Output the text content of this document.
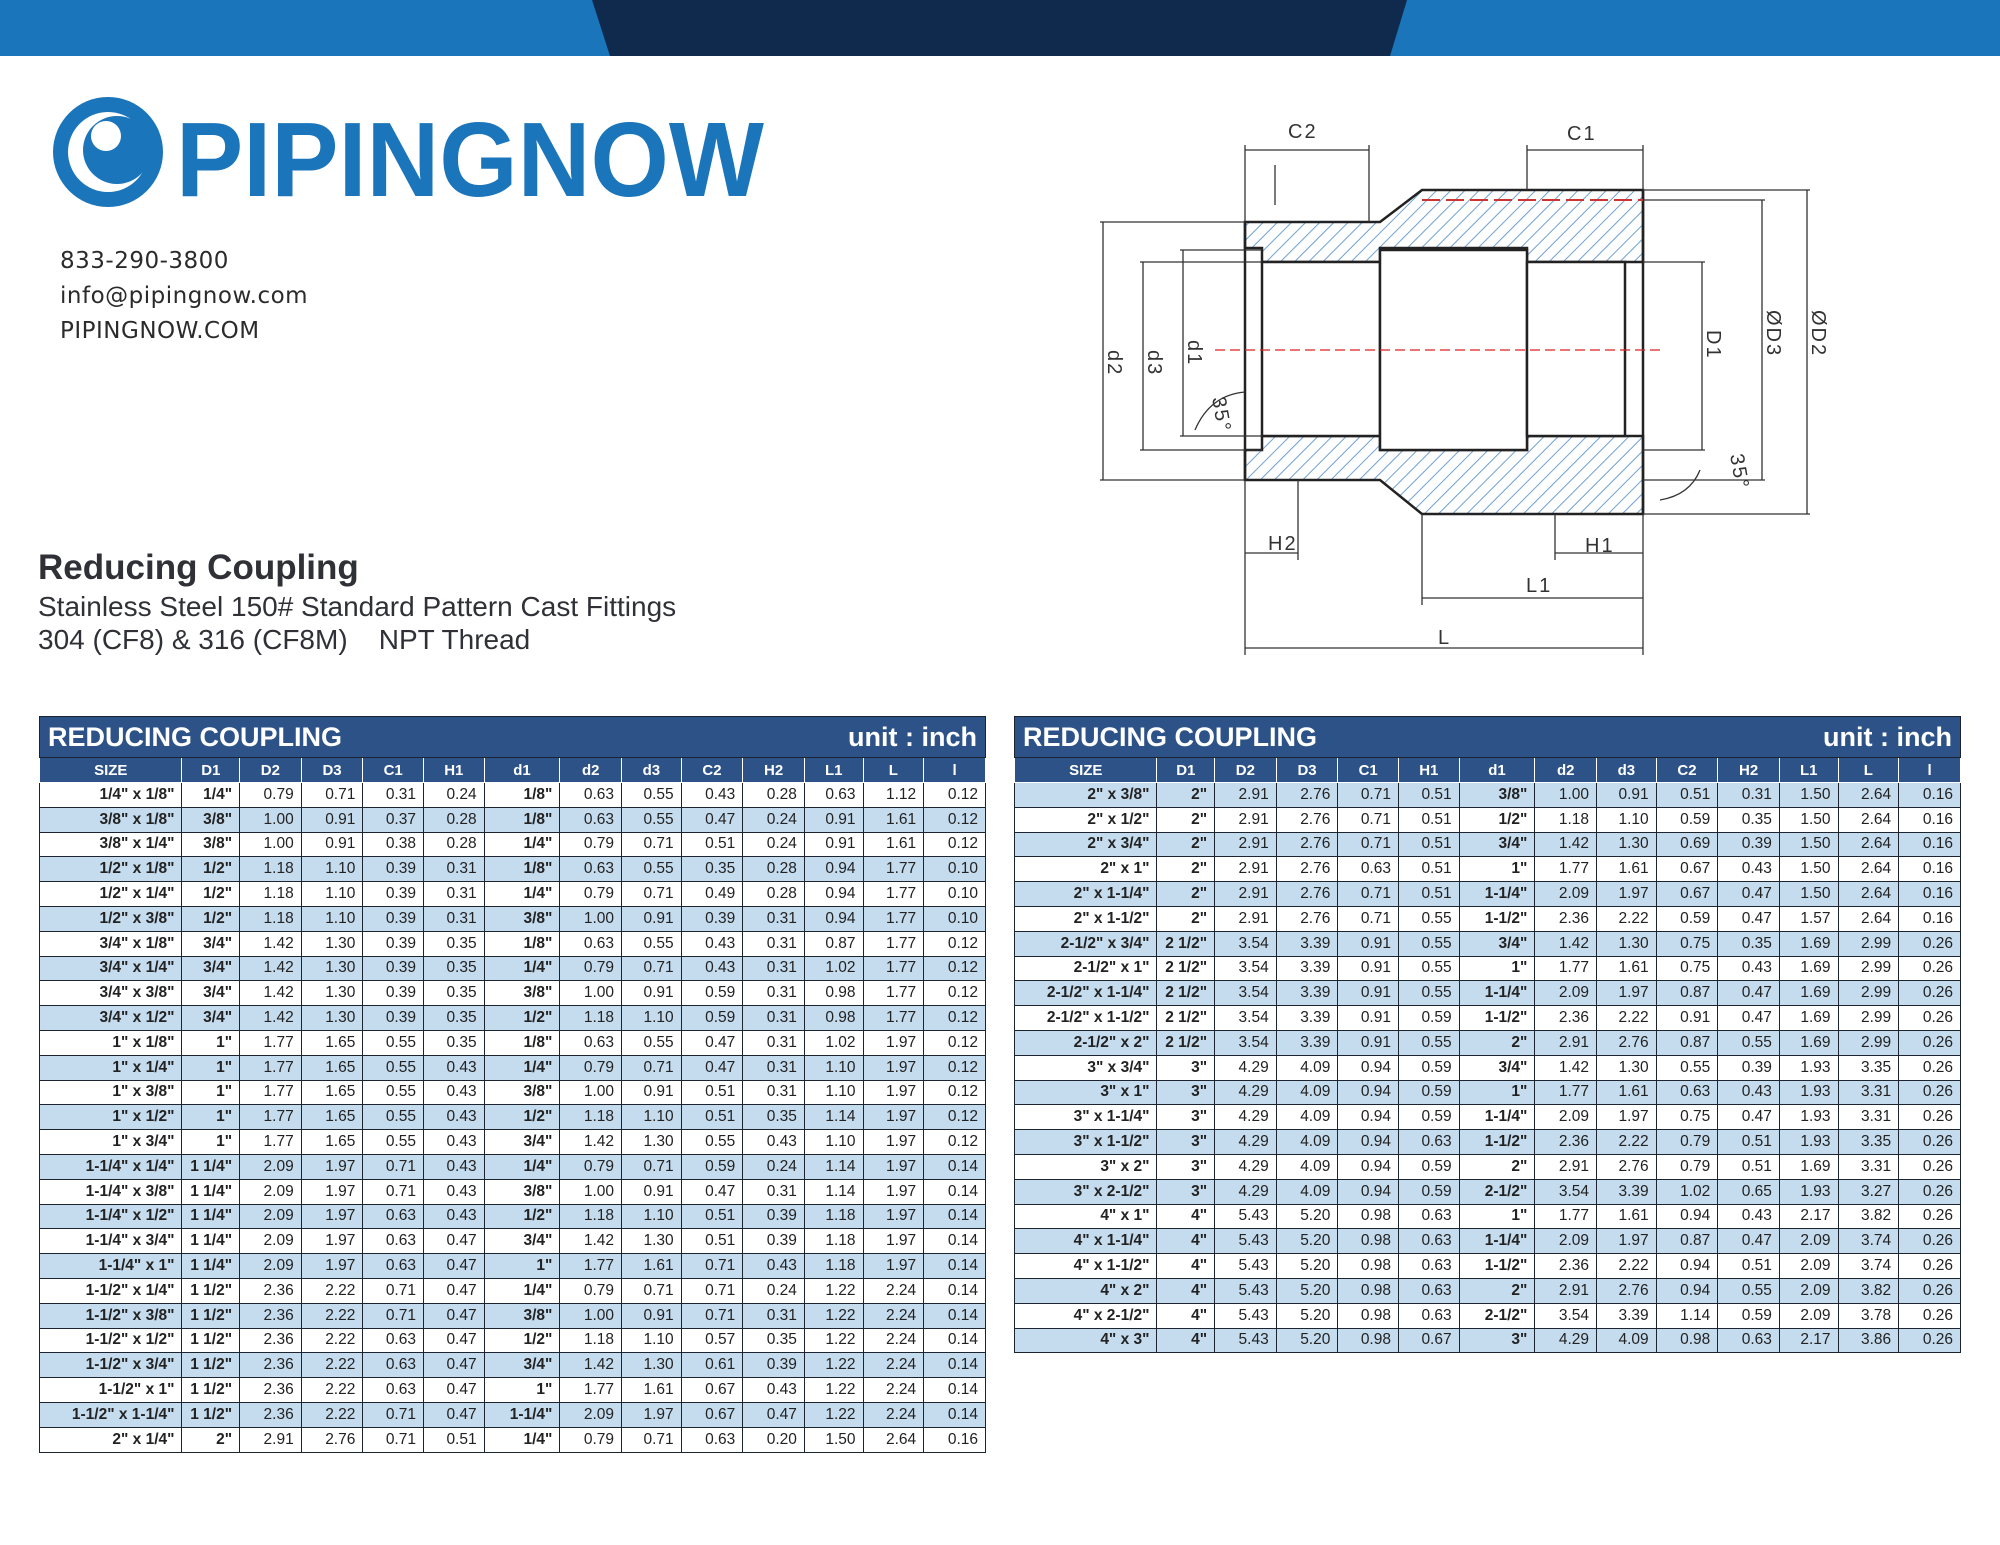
PIPINGNOW
833-290-3800
info@pipingnow.com
PIPINGNOW.COM
Reducing Coupling
Stainless Steel 150# Standard Pattern Cast Fittings
304 (CF8) & 316 (CF8M)    NPT Thread
C2	C1
H2	H1
L1
L
d2 d3 d1	D1 ØD3 ØD2
35°
35°
REDUCING COUPLING unit : inch													

SIZE	D1	D2	D3	C1	H1	d1	d2	d3	C2	H2	L1	L	l
1/4" x 1/8"	1/4"	0.79	0.71	0.31	0.24	1/8"	0.63	0.55	0.43	0.28	0.63	1.12	0.12
3/8" x 1/8"	3/8"	1.00	0.91	0.37	0.28	1/8"	0.63	0.55	0.47	0.24	0.91	1.61	0.12
3/8" x 1/4"	3/8"	1.00	0.91	0.38	0.28	1/4"	0.79	0.71	0.51	0.24	0.91	1.61	0.12
1/2" x 1/8"	1/2"	1.18	1.10	0.39	0.31	1/8"	0.63	0.55	0.35	0.28	0.94	1.77	0.10
1/2" x 1/4"	1/2"	1.18	1.10	0.39	0.31	1/4"	0.79	0.71	0.49	0.28	0.94	1.77	0.10
1/2" x 3/8"	1/2"	1.18	1.10	0.39	0.31	3/8"	1.00	0.91	0.39	0.31	0.94	1.77	0.10
3/4" x 1/8"	3/4"	1.42	1.30	0.39	0.35	1/8"	0.63	0.55	0.43	0.31	0.87	1.77	0.12
3/4" x 1/4"	3/4"	1.42	1.30	0.39	0.35	1/4"	0.79	0.71	0.43	0.31	1.02	1.77	0.12
3/4" x 3/8"	3/4"	1.42	1.30	0.39	0.35	3/8"	1.00	0.91	0.59	0.31	0.98	1.77	0.12
3/4" x 1/2"	3/4"	1.42	1.30	0.39	0.35	1/2"	1.18	1.10	0.59	0.31	0.98	1.77	0.12
1" x 1/8"	1"	1.77	1.65	0.55	0.35	1/8"	0.63	0.55	0.47	0.31	1.02	1.97	0.12
1" x 1/4"	1"	1.77	1.65	0.55	0.43	1/4"	0.79	0.71	0.47	0.31	1.10	1.97	0.12
1" x 3/8"	1"	1.77	1.65	0.55	0.43	3/8"	1.00	0.91	0.51	0.31	1.10	1.97	0.12
1" x 1/2"	1"	1.77	1.65	0.55	0.43	1/2"	1.18	1.10	0.51	0.35	1.14	1.97	0.12
1" x 3/4"	1"	1.77	1.65	0.55	0.43	3/4"	1.42	1.30	0.55	0.43	1.10	1.97	0.12
1-1/4" x 1/4"	1 1/4"	2.09	1.97	0.71	0.43	1/4"	0.79	0.71	0.59	0.24	1.14	1.97	0.14
1-1/4" x 3/8"	1 1/4"	2.09	1.97	0.71	0.43	3/8"	1.00	0.91	0.47	0.31	1.14	1.97	0.14
1-1/4" x 1/2"	1 1/4"	2.09	1.97	0.63	0.43	1/2"	1.18	1.10	0.51	0.39	1.18	1.97	0.14
1-1/4" x 3/4"	1 1/4"	2.09	1.97	0.63	0.47	3/4"	1.42	1.30	0.51	0.39	1.18	1.97	0.14
1-1/4" x 1"	1 1/4"	2.09	1.97	0.63	0.47	1"	1.77	1.61	0.71	0.43	1.18	1.97	0.14
1-1/2" x 1/4"	1 1/2"	2.36	2.22	0.71	0.47	1/4"	0.79	0.71	0.71	0.24	1.22	2.24	0.14
1-1/2" x 3/8"	1 1/2"	2.36	2.22	0.71	0.47	3/8"	1.00	0.91	0.71	0.31	1.22	2.24	0.14
1-1/2" x 1/2"	1 1/2"	2.36	2.22	0.63	0.47	1/2"	1.18	1.10	0.57	0.35	1.22	2.24	0.14
1-1/2" x 3/4"	1 1/2"	2.36	2.22	0.63	0.47	3/4"	1.42	1.30	0.61	0.39	1.22	2.24	0.14
1-1/2" x 1"	1 1/2"	2.36	2.22	0.63	0.47	1"	1.77	1.61	0.67	0.43	1.22	2.24	0.14
1-1/2" x 1-1/4"	1 1/2"	2.36	2.22	0.71	0.47	1-1/4"	2.09	1.97	0.67	0.47	1.22	2.24	0.14
2" x 1/4"	2"	2.91	2.76	0.71	0.51	1/4"	0.79	0.71	0.63	0.20	1.50	2.64	0.16
REDUCING COUPLING unit : inch													

SIZE	D1	D2	D3	C1	H1	d1	d2	d3	C2	H2	L1	L	l
2" x 3/8"	2"	2.91	2.76	0.71	0.51	3/8"	1.00	0.91	0.51	0.31	1.50	2.64	0.16
2" x 1/2"	2"	2.91	2.76	0.71	0.51	1/2"	1.18	1.10	0.59	0.35	1.50	2.64	0.16
2" x 3/4"	2"	2.91	2.76	0.71	0.51	3/4"	1.42	1.30	0.69	0.39	1.50	2.64	0.16
2" x 1"	2"	2.91	2.76	0.63	0.51	1"	1.77	1.61	0.67	0.43	1.50	2.64	0.16
2" x 1-1/4"	2"	2.91	2.76	0.71	0.51	1-1/4"	2.09	1.97	0.67	0.47	1.50	2.64	0.16
2" x 1-1/2"	2"	2.91	2.76	0.71	0.55	1-1/2"	2.36	2.22	0.59	0.47	1.57	2.64	0.16
2-1/2" x 3/4"	2 1/2"	3.54	3.39	0.91	0.55	3/4"	1.42	1.30	0.75	0.35	1.69	2.99	0.26
2-1/2" x 1"	2 1/2"	3.54	3.39	0.91	0.55	1"	1.77	1.61	0.75	0.43	1.69	2.99	0.26
2-1/2" x 1-1/4"	2 1/2"	3.54	3.39	0.91	0.55	1-1/4"	2.09	1.97	0.87	0.47	1.69	2.99	0.26
2-1/2" x 1-1/2"	2 1/2"	3.54	3.39	0.91	0.59	1-1/2"	2.36	2.22	0.91	0.47	1.69	2.99	0.26
2-1/2" x 2"	2 1/2"	3.54	3.39	0.91	0.55	2"	2.91	2.76	0.87	0.55	1.69	2.99	0.26
3" x 3/4"	3"	4.29	4.09	0.94	0.59	3/4"	1.42	1.30	0.55	0.39	1.93	3.35	0.26
3" x 1"	3"	4.29	4.09	0.94	0.59	1"	1.77	1.61	0.63	0.43	1.93	3.31	0.26
3" x 1-1/4"	3"	4.29	4.09	0.94	0.59	1-1/4"	2.09	1.97	0.75	0.47	1.93	3.31	0.26
3" x 1-1/2"	3"	4.29	4.09	0.94	0.63	1-1/2"	2.36	2.22	0.79	0.51	1.93	3.35	0.26
3" x 2"	3"	4.29	4.09	0.94	0.59	2"	2.91	2.76	0.79	0.51	1.69	3.31	0.26
3" x 2-1/2"	3"	4.29	4.09	0.94	0.59	2-1/2"	3.54	3.39	1.02	0.65	1.93	3.27	0.26
4" x 1"	4"	5.43	5.20	0.98	0.63	1"	1.77	1.61	0.94	0.43	2.17	3.82	0.26
4" x 1-1/4"	4"	5.43	5.20	0.98	0.63	1-1/4"	2.09	1.97	0.87	0.47	2.09	3.74	0.26
4" x 1-1/2"	4"	5.43	5.20	0.98	0.63	1-1/2"	2.36	2.22	0.94	0.51	2.09	3.74	0.26
4" x 2"	4"	5.43	5.20	0.98	0.63	2"	2.91	2.76	0.94	0.55	2.09	3.82	0.26
4" x 2-1/2"	4"	5.43	5.20	0.98	0.63	2-1/2"	3.54	3.39	1.14	0.59	2.09	3.78	0.26
4" x 3"	4"	5.43	5.20	0.98	0.67	3"	4.29	4.09	0.98	0.63	2.17	3.86	0.26
